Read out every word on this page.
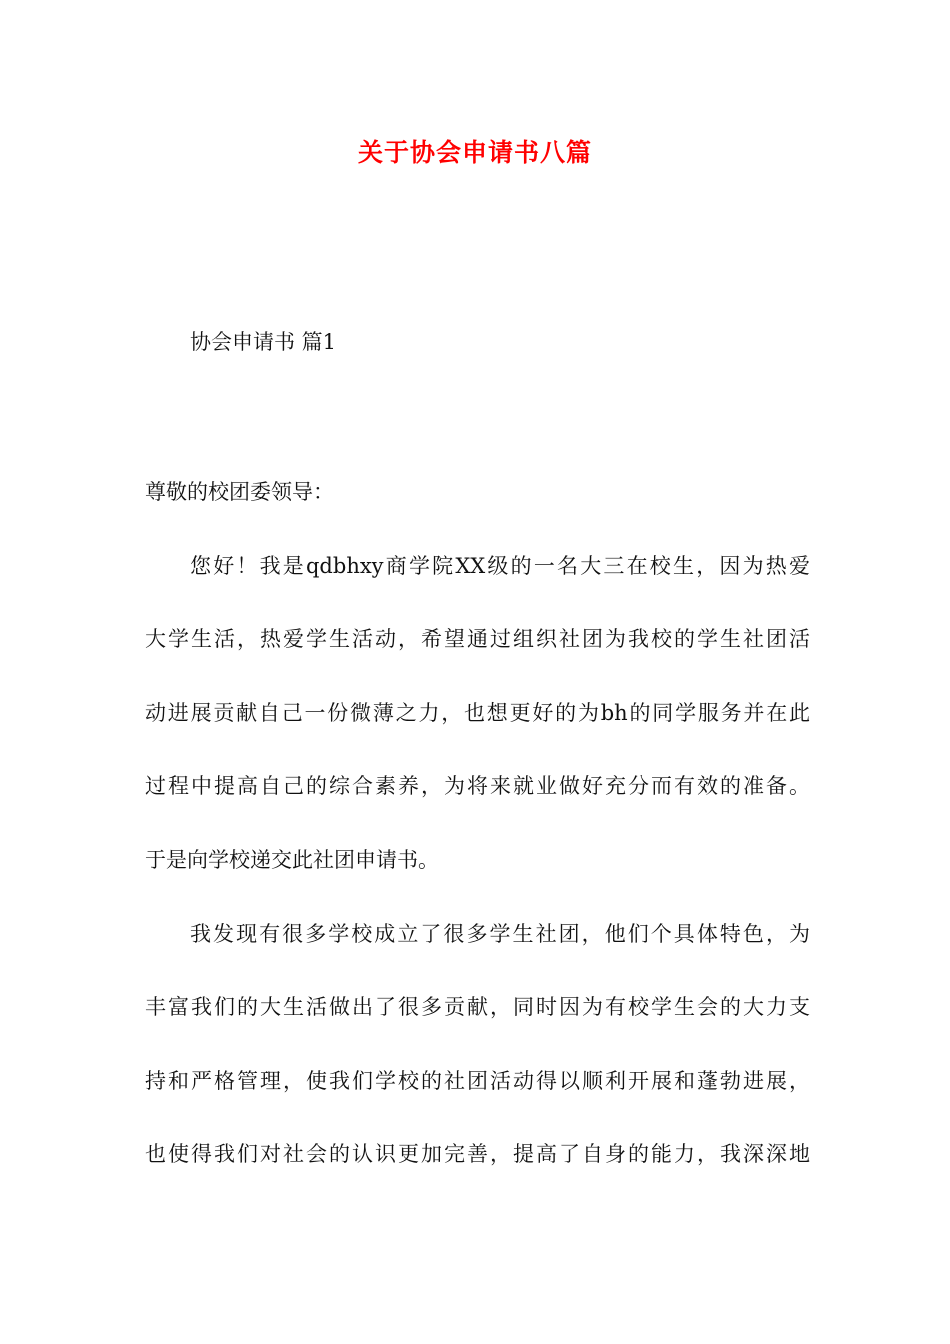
关于协会申请书八篇

协会申请书 篇1

尊敬的校团委领导：

您好！我是qdbhxy商学院XX级的一名大三在校生，因为热爱

大学生活，热爱学生活动，希望通过组织社团为我校的学生社团活

动进展贡献自己一份微薄之力，也想更好的为bh的同学服务并在此

过程中提高自己的综合素养，为将来就业做好充分而有效的准备。

于是向学校递交此社团申请书。

我发现有很多学校成立了很多学生社团，他们个具体特色，为

丰富我们的大生活做出了很多贡献，同时因为有校学生会的大力支

持和严格管理，使我们学校的社团活动得以顺利开展和蓬勃进展，

也使得我们对社会的认识更加完善，提高了自身的能力，我深深地
